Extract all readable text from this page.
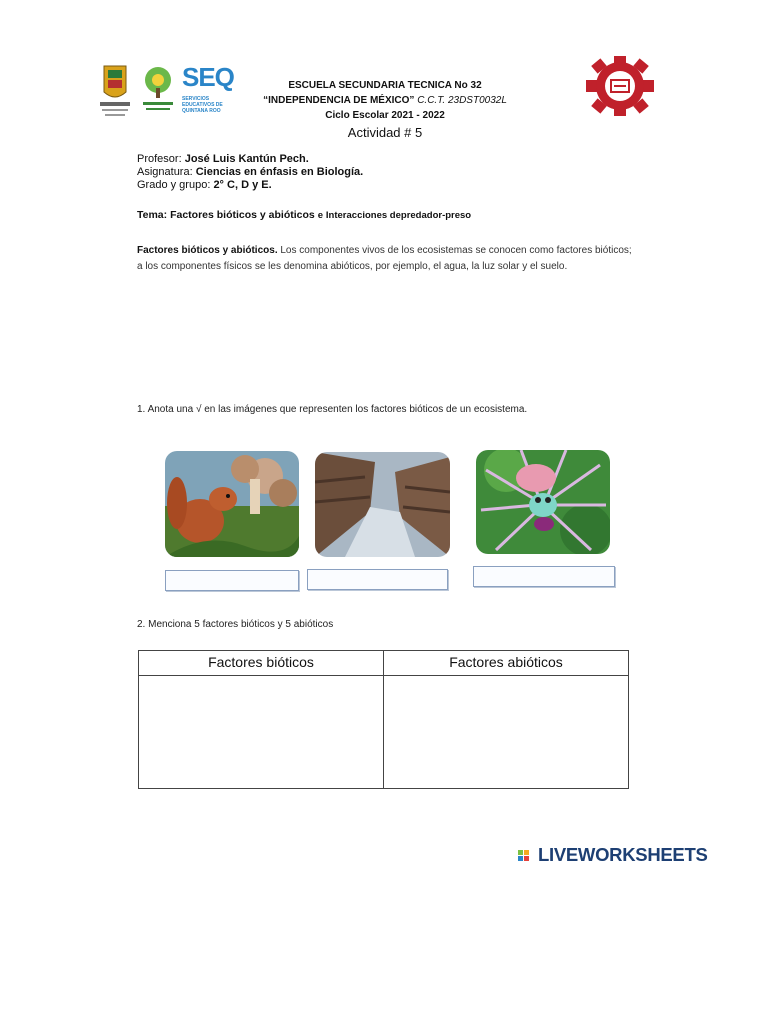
SEQ
SERVICIOS EDUCATIVOS DE QUINTANA ROO
ESCUELA SECUNDARIA TECNICA No 32
“INDEPENDENCIA DE MÉXICO” C.C.T. 23DST0032L
Ciclo Escolar 2021 - 2022
Actividad # 5
Profesor: José Luis Kantún Pech.
Asignatura: Ciencias en énfasis en Biología.
Grado y grupo: 2° C, D y E.
Tema: Factores bióticos y abióticos e Interacciones depredador-preso
Factores bióticos y abióticos. Los componentes vivos de los ecosistemas se conocen como factores bióticos; a los componentes físicos se les denomina abióticos, por ejemplo, el agua, la luz solar y el suelo.
1. Anota una √ en las imágenes que representen los factores bióticos de un ecosistema.
2. Menciona 5 factores bióticos y 5 abióticos
Factores bióticos	Factores abióticos
LIVEWORKSHEETS
